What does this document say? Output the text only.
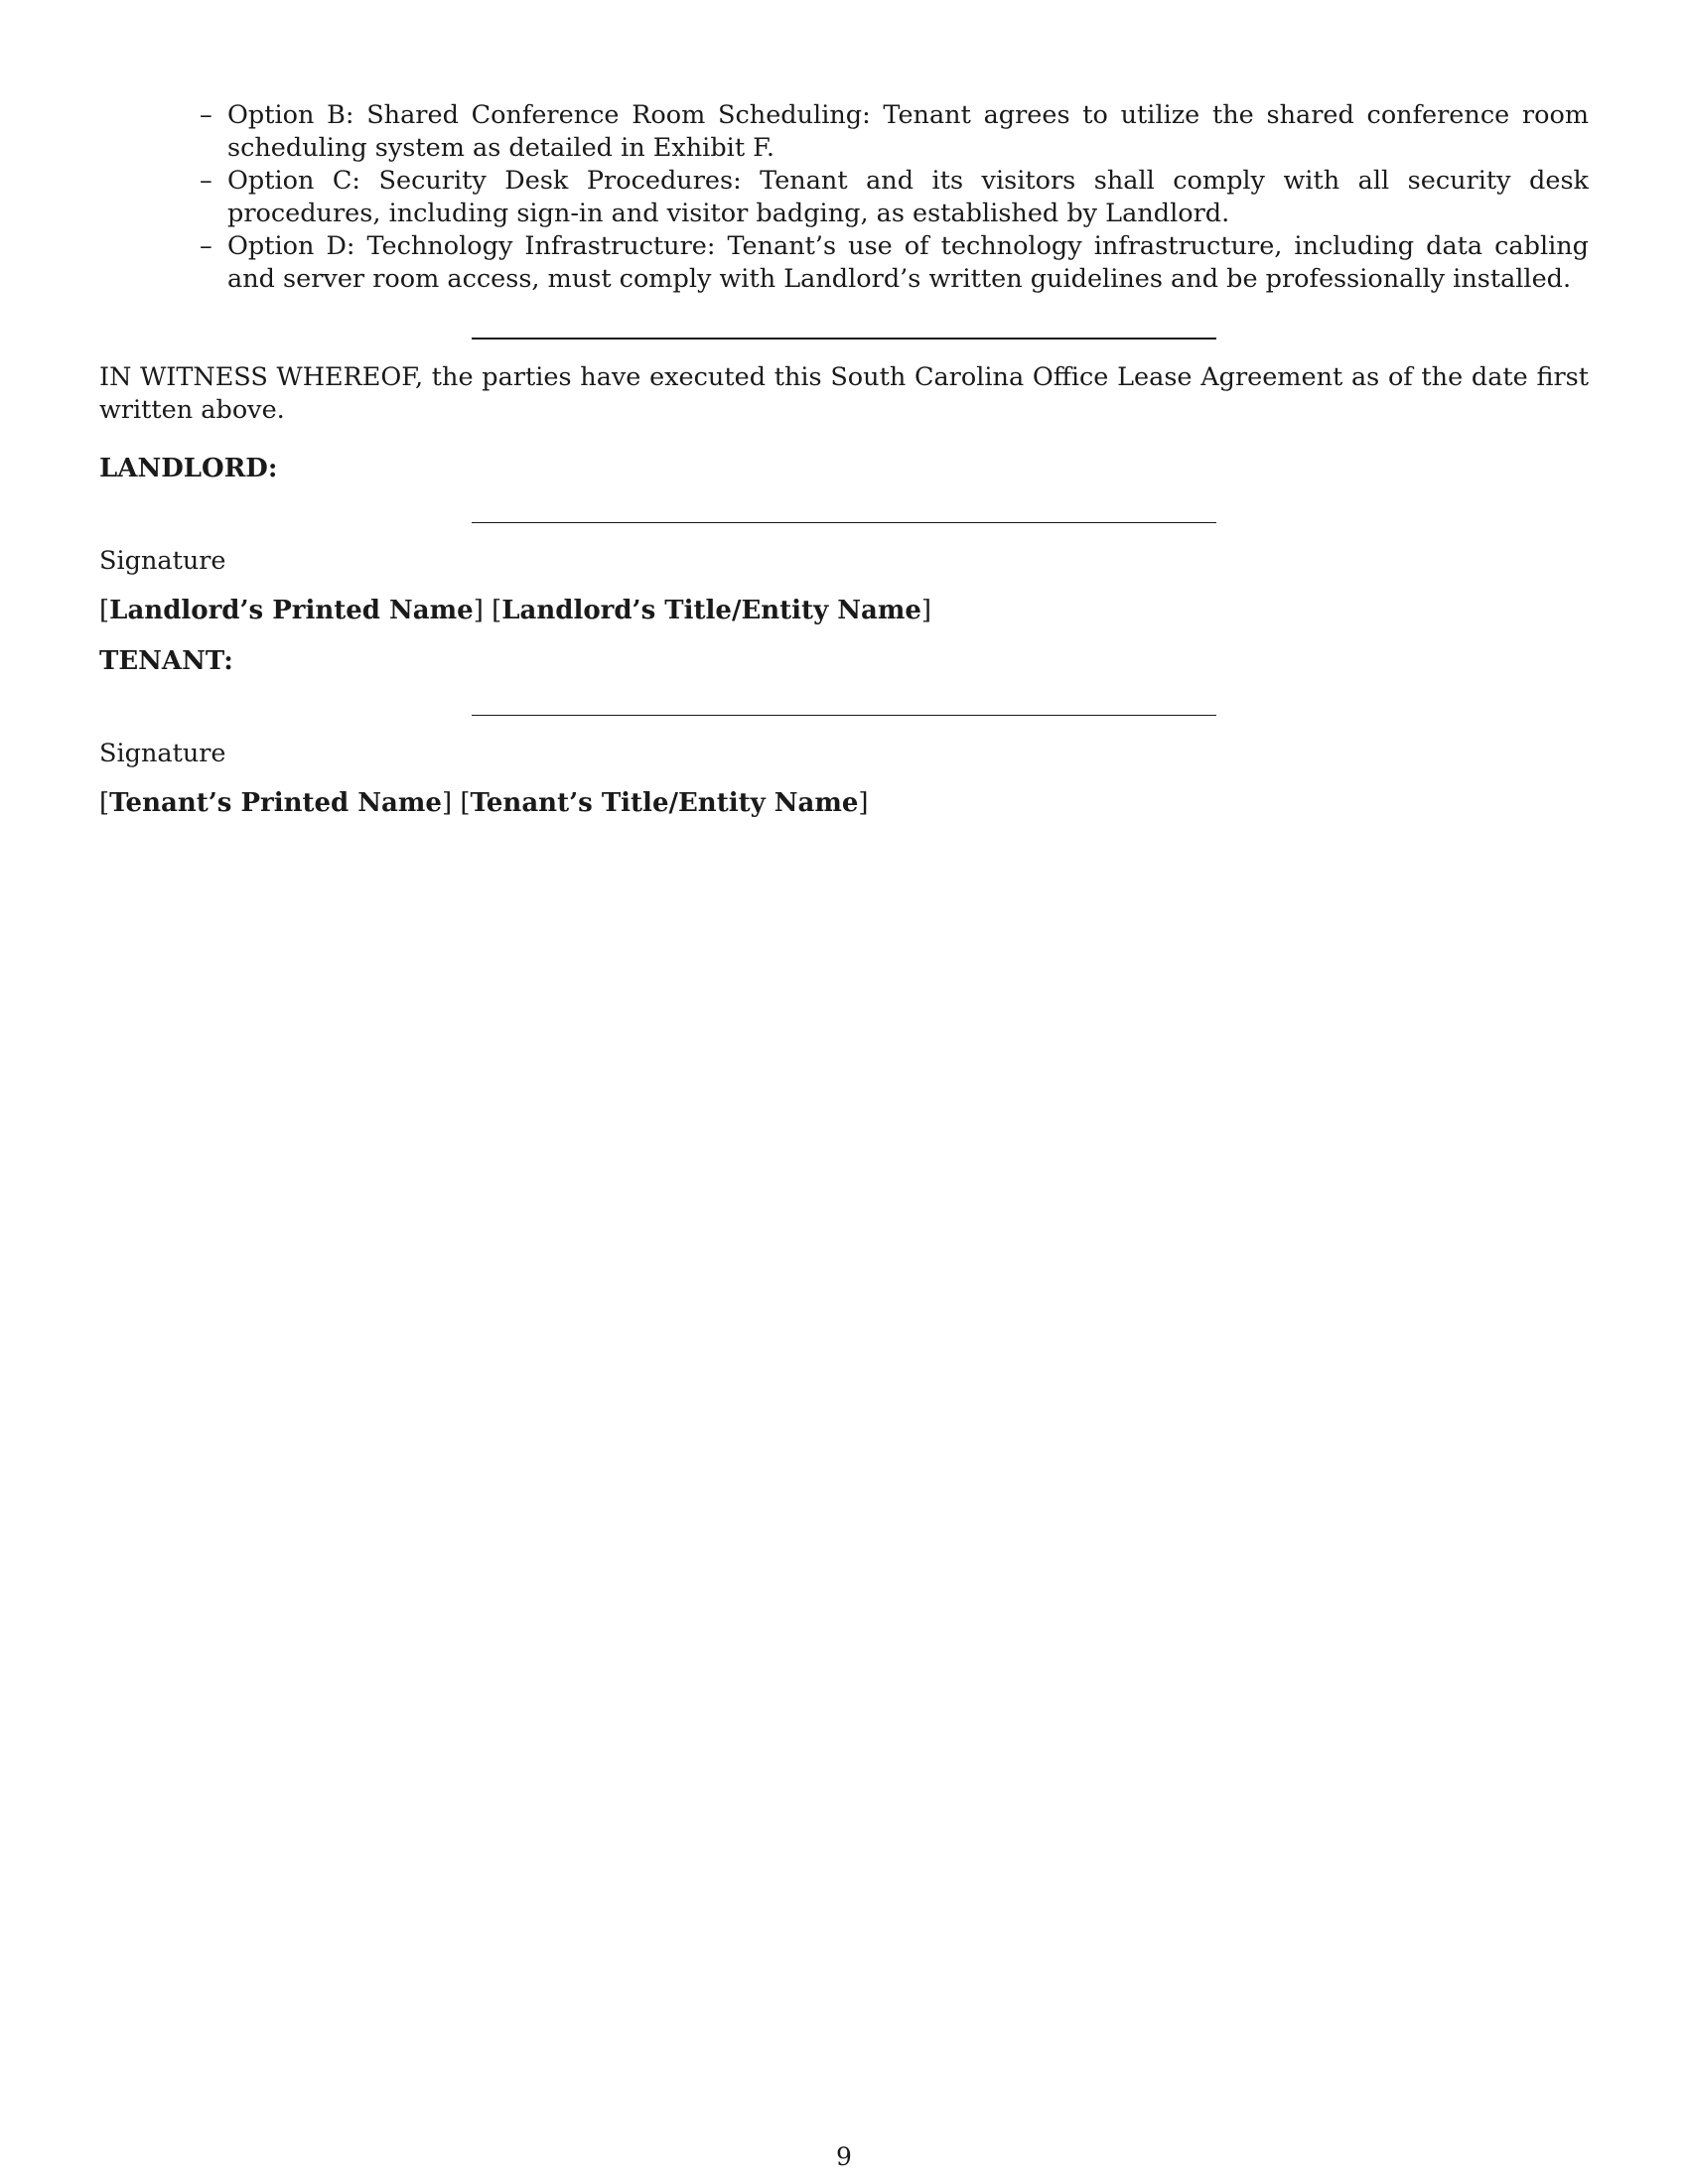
– Option B: Shared Conference Room Scheduling: Tenant agrees to utilize the shared conference room scheduling system as detailed in Exhibit F.
– Option C: Security Desk Procedures: Tenant and its visitors shall comply with all security desk procedures, including sign-in and visitor badging, as established by Landlord.
– Option D: Technology Infrastructure: Tenant’s use of technology infrastructure, including data cabling and server room access, must comply with Landlord’s written guidelines and be professionally installed.

IN WITNESS WHEREOF, the parties have executed this South Carolina Office Lease Agreement as of the date first written above.

LANDLORD:
Signature
[Landlord’s Printed Name] [Landlord’s Title/Entity Name]
TENANT:
Signature
[Tenant’s Printed Name] [Tenant’s Title/Entity Name]
9
